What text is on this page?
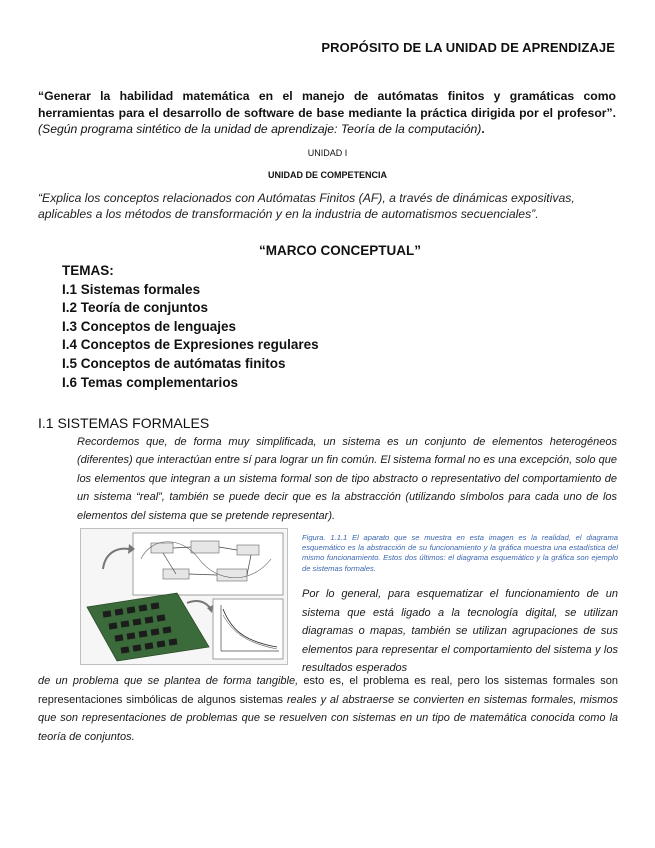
PROPÓSITO DE LA UNIDAD DE APRENDIZAJE
“Generar la habilidad matemática en el manejo de autómatas finitos y gramáticas como herramientas para el desarrollo de software de base mediante la práctica dirigida por el profesor”. (Según programa sintético de la unidad de aprendizaje: Teoría de la computación).
UNIDAD I
UNIDAD DE COMPETENCIA
“Explica los conceptos relacionados con Autómatas Finitos (AF), a través de dinámicas expositivas, aplicables a los métodos de transformación y en la industria de automatismos secuenciales”.
“MARCO CONCEPTUAL”
TEMAS:
I.1 Sistemas formales
I.2 Teoría de conjuntos
I.3 Conceptos de lenguajes
I.4 Conceptos de Expresiones regulares
I.5 Conceptos de autómatas finitos
I.6 Temas complementarios
I.1 SISTEMAS FORMALES
Recordemos que, de forma muy simplificada, un sistema es un conjunto de elementos heterogéneos (diferentes) que interactúan entre sí para lograr un fin común. El sistema formal no es una excepción, solo que los elementos que integran a un sistema formal son de tipo abstracto o representativo del comportamiento de un sistema “real”, también se puede decir que es la abstracción (utilizando símbolos para cada uno de los elementos del sistema que se pretende representar).
Figura. 1.1.1 El aparato que se muestra en esta imagen es la realidad, el diagrama esquemático es la abstracción de su funcionamiento y la gráfica muestra una estadística del mismo funcionamiento. Estos dos últimos: el diagrama esquemático y la gráfica son ejemplo de sistemas formales.
Por lo general, para esquematizar el funcionamiento de un sistema que está ligado a la tecnología digital, se utilizan diagramas o mapas, también se utilizan agrupaciones de sus elementos para representar el comportamiento del sistema y los resultados esperados
de un problema que se plantea de forma tangible, esto es, el problema es real, pero los sistemas formales son representaciones simbólicas de algunos sistemas reales y al abstraerse se convierten en sistemas formales, mismos que son representaciones de problemas que se resuelven con sistemas en un tipo de matemática conocida como la teoría de conjuntos.
